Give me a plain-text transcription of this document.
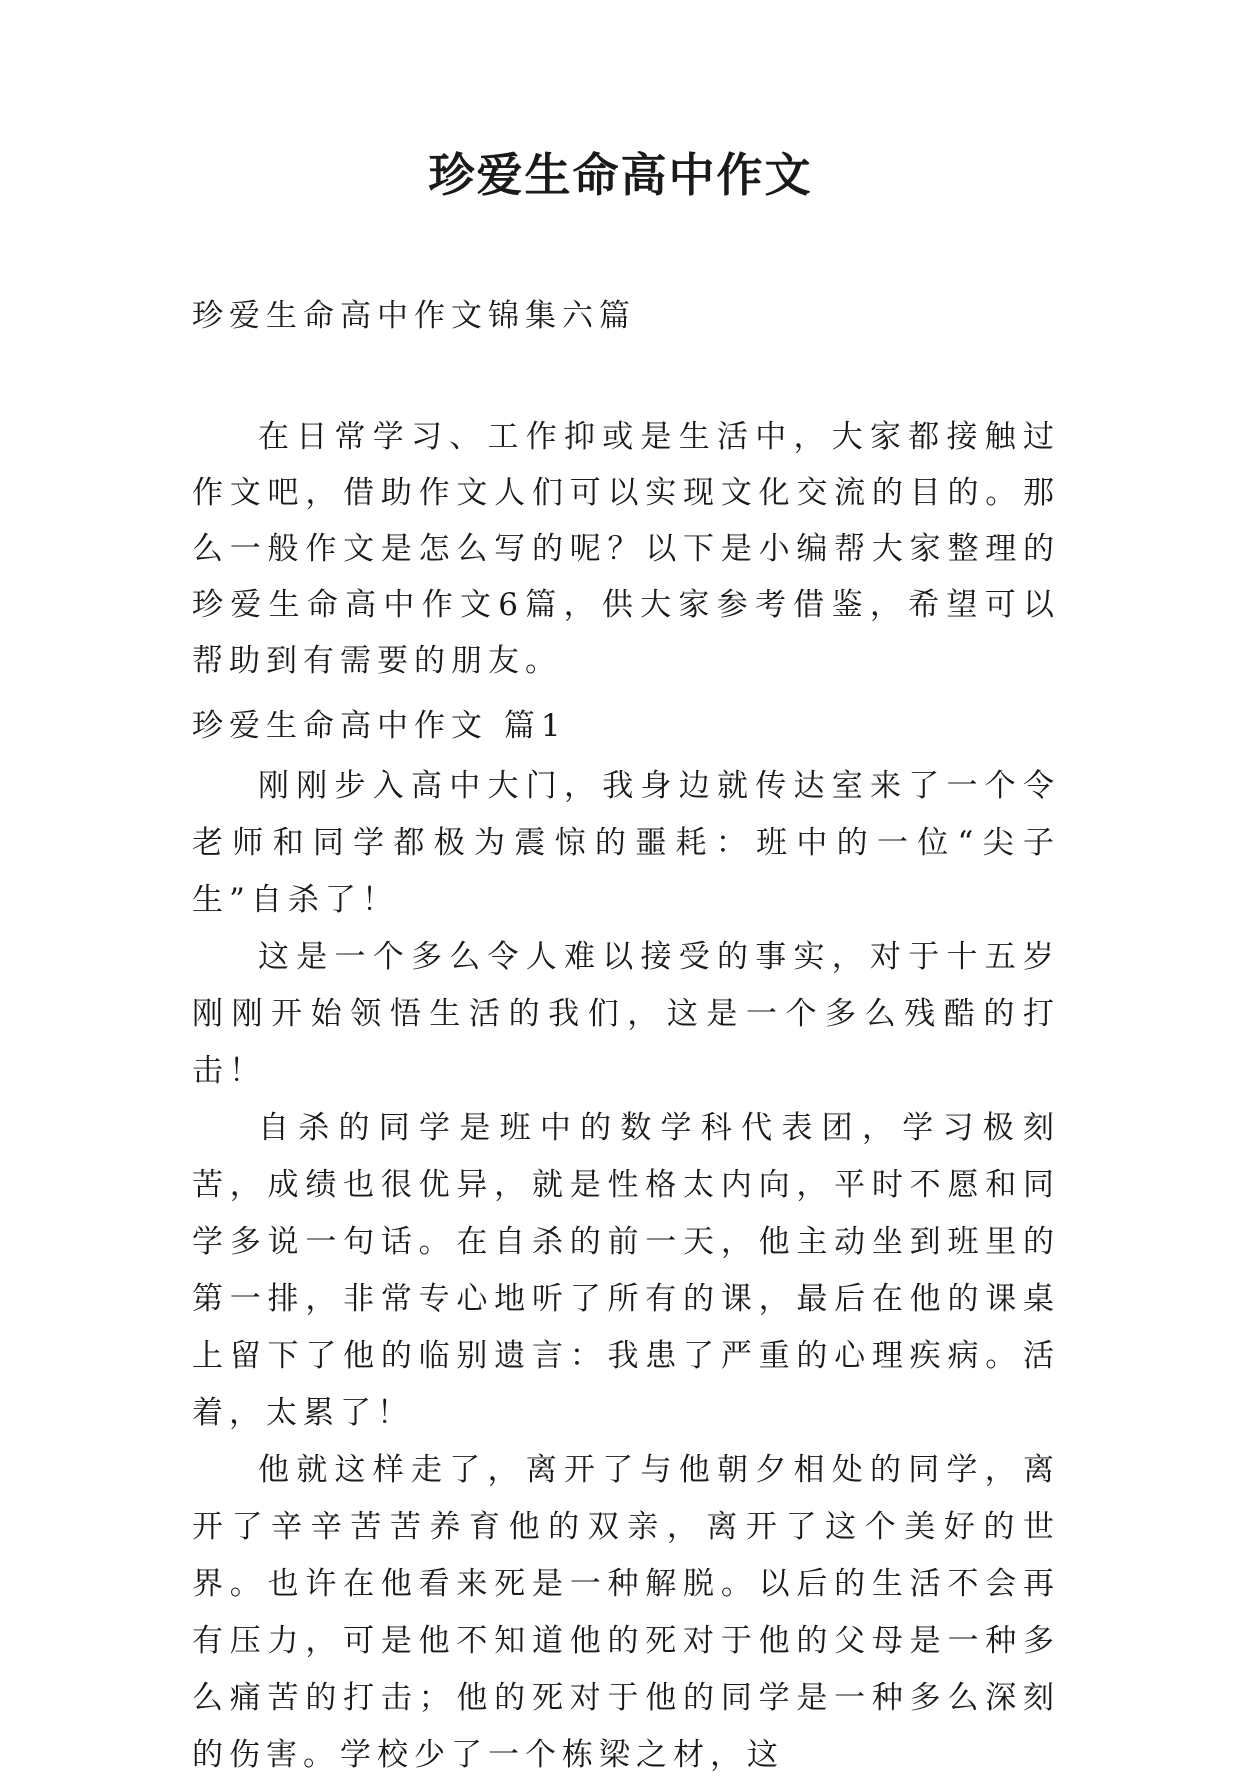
珍爱生命高中作文

珍爱生命高中作文锦集六篇

在日常学习、工作抑或是生活中，大家都接触过作文吧，借助作文人们可以实现文化交流的目的。那么一般作文是怎么写的呢？以下是小编帮大家整理的珍爱生命高中作文6篇，供大家参考借鉴，希望可以帮助到有需要的朋友。

珍爱生命高中作文 篇1

刚刚步入高中大门，我身边就传达室来了一个令老师和同学都极为震惊的噩耗：班中的一位“尖子生”自杀了！

这是一个多么令人难以接受的事实，对于十五岁刚刚开始领悟生活的我们，这是一个多么残酷的打击！

自杀的同学是班中的数学科代表团，学习极刻苦，成绩也很优异，就是性格太内向，平时不愿和同学多说一句话。在自杀的前一天，他主动坐到班里的第一排，非常专心地听了所有的课，最后在他的课桌上留下了他的临别遗言：我患了严重的心理疾病。活着，太累了！

他就这样走了，离开了与他朝夕相处的同学，离开了辛辛苦苦养育他的双亲，离开了这个美好的世界。也许在他看来死是一种解脱。以后的生活不会再有压力，可是他不知道他的死对于他的父母是一种多么痛苦的打击；他的死对于他的同学是一种多么深刻的伤害。学校少了一个栋梁之材，这
